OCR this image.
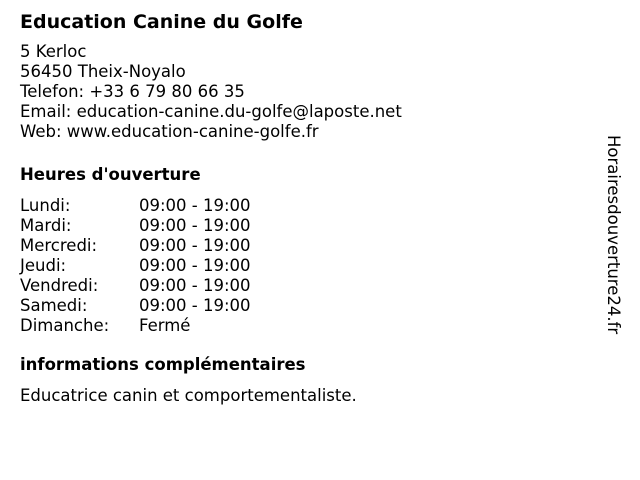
Education Canine du Golfe
5 Kerloc
56450 Theix-Noyalo
Telefon: +33 6 79 80 66 35
Email: education-canine.du-golfe@laposte.net
Web: www.education-canine-golfe.fr
Heures d'ouverture
Lundi:	09:00 - 19:00
Mardi:	09:00 - 19:00
Mercredi:	09:00 - 19:00
Jeudi:	09:00 - 19:00
Vendredi:	09:00 - 19:00
Samedi:	09:00 - 19:00
Dimanche:	Fermé
informations complémentaires

Educatrice canin et comportementaliste.

Horairesdouverture24.fr
